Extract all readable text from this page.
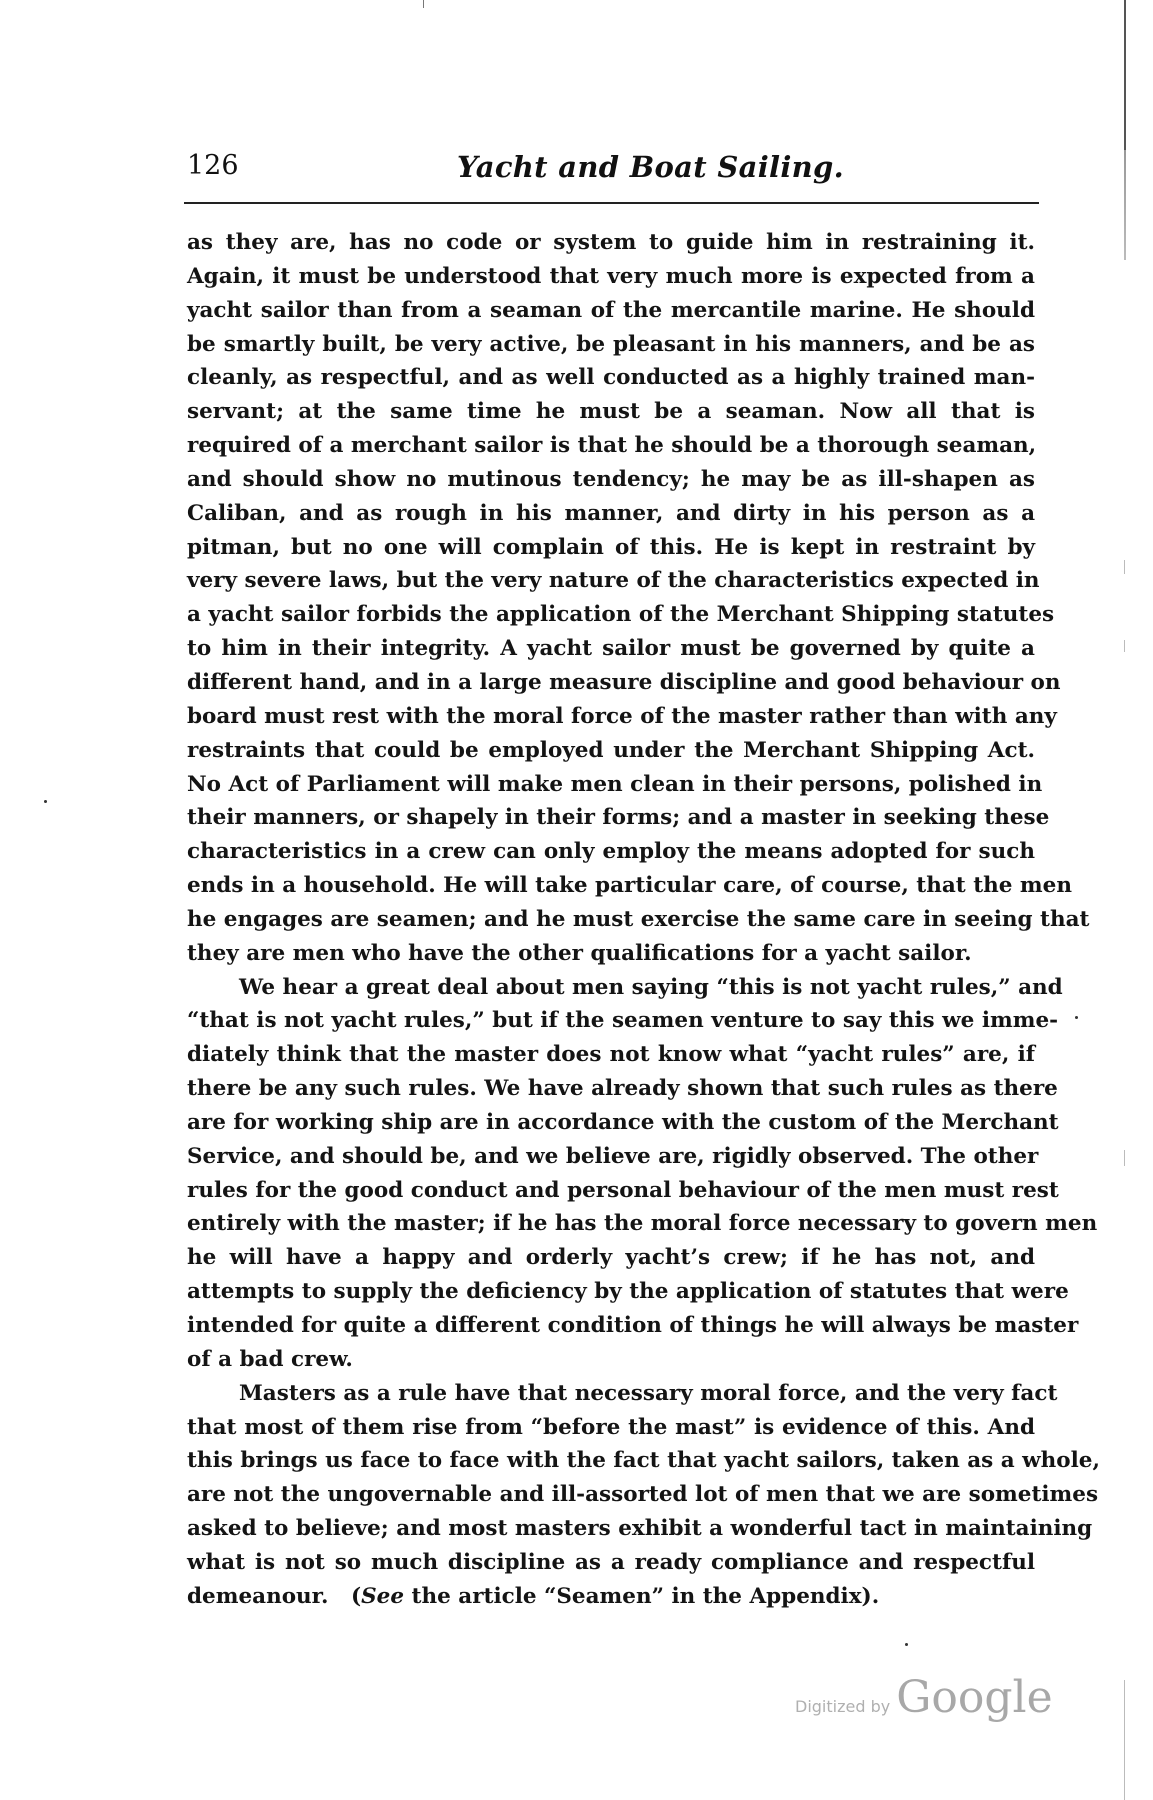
126	Yacht and Boat Sailing.
as they are, has no code or system to guide him in restraining it.
Again, it must be understood that very much more is expected from a
yacht sailor than from a seaman of the mercantile marine. He should
be smartly built, be very active, be pleasant in his manners, and be as
cleanly, as respectful, and as well conducted as a highly trained man-
servant; at the same time he must be a seaman. Now all that is
required of a merchant sailor is that he should be a thorough seaman,
and should show no mutinous tendency; he may be as ill-shapen as
Caliban, and as rough in his manner, and dirty in his person as a
pitman, but no one will complain of this. He is kept in restraint by
very severe laws, but the very nature of the characteristics expected in
a yacht sailor forbids the application of the Merchant Shipping statutes
to him in their integrity. A yacht sailor must be governed by quite a
different hand, and in a large measure discipline and good behaviour on
board must rest with the moral force of the master rather than with any
restraints that could be employed under the Merchant Shipping Act.
No Act of Parliament will make men clean in their persons, polished in
their manners, or shapely in their forms; and a master in seeking these
characteristics in a crew can only employ the means adopted for such
ends in a household. He will take particular care, of course, that the men
he engages are seamen; and he must exercise the same care in seeing that
they are men who have the other qualifications for a yacht sailor.
We hear a great deal about men saying “this is not yacht rules,” and
“that is not yacht rules,” but if the seamen venture to say this we imme-
diately think that the master does not know what “yacht rules” are, if
there be any such rules. We have already shown that such rules as there
are for working ship are in accordance with the custom of the Merchant
Service, and should be, and we believe are, rigidly observed. The other
rules for the good conduct and personal behaviour of the men must rest
entirely with the master; if he has the moral force necessary to govern men
he will have a happy and orderly yacht’s crew; if he has not, and
attempts to supply the deficiency by the application of statutes that were
intended for quite a different condition of things he will always be master
of a bad crew.
Masters as a rule have that necessary moral force, and the very fact
that most of them rise from “before the mast” is evidence of this. And
this brings us face to face with the fact that yacht sailors, taken as a whole,
are not the ungovernable and ill-assorted lot of men that we are sometimes
asked to believe; and most masters exhibit a wonderful tact in maintaining
what is not so much discipline as a ready compliance and respectful
demeanour.   (See the article “Seamen” in the Appendix).
Digitized by Google
